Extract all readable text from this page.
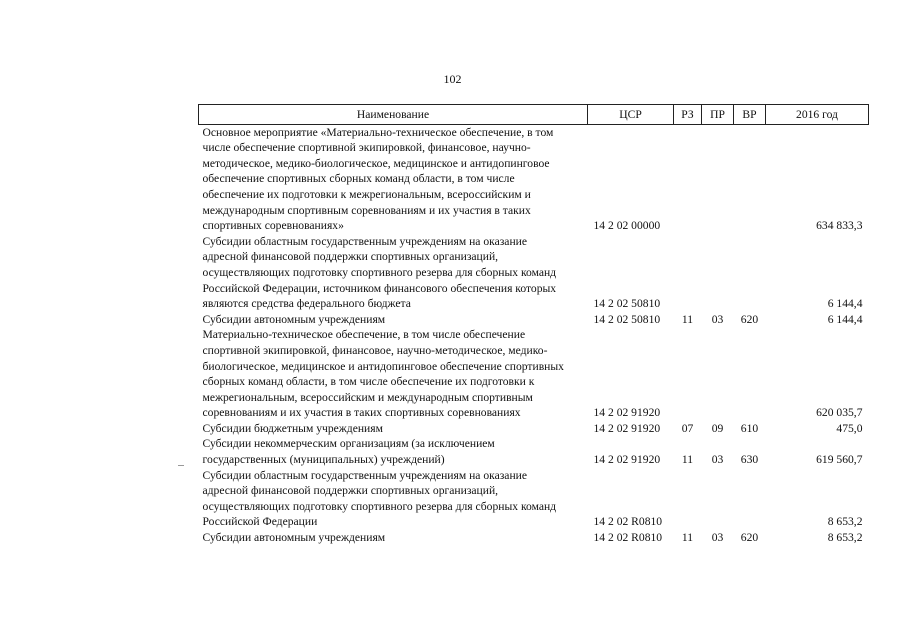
102
Наименование	ЦСР	РЗ	ПР	ВР	2016 год
Основное мероприятие «Материально-техническое обеспечение, в том числе обеспечение спортивной экипировкой, финансовое, научно-методическое, медико-биологическое, медицинское и антидопинговое обеспечение спортивных сборных команд области, в том числе обеспечение их подготовки к межрегиональным, всероссийским и международным спортивным соревнованиям и их участия в таких спортивных соревнованиях»	14 2 02 00000				634 833,3
Субсидии областным государственным учреждениям на оказание адресной финансовой поддержки спортивных организаций, осуществляющих подготовку спортивного резерва для сборных команд Российской Федерации, источником финансового обеспечения которых являются средства федерального бюджета	14 2 02 50810				6 144,4
Субсидии автономным учреждениям	14 2 02 50810	11	03	620	6 144,4
Материально-техническое обеспечение, в том числе обеспечение спортивной экипировкой, финансовое, научно-методическое, медико-биологическое, медицинское и антидопинговое обеспечение спортивных сборных команд области, в том числе обеспечение их подготовки к межрегиональным, всероссийским и международным спортивным соревнованиям и их участия в таких спортивных соревнованиях	14 2 02 91920				620 035,7
Субсидии бюджетным учреждениям	14 2 02 91920	07	09	610	475,0
Субсидии некоммерческим организациям (за исключением государственных (муниципальных) учреждений)	14 2 02 91920	11	03	630	619 560,7
Субсидии областным государственным учреждениям на оказание адресной финансовой поддержки спортивных организаций, осуществляющих подготовку спортивного резерва для сборных команд Российской Федерации	14 2 02 R0810				8 653,2
Субсидии автономным учреждениям	14 2 02 R0810	11	03	620	8 653,2
